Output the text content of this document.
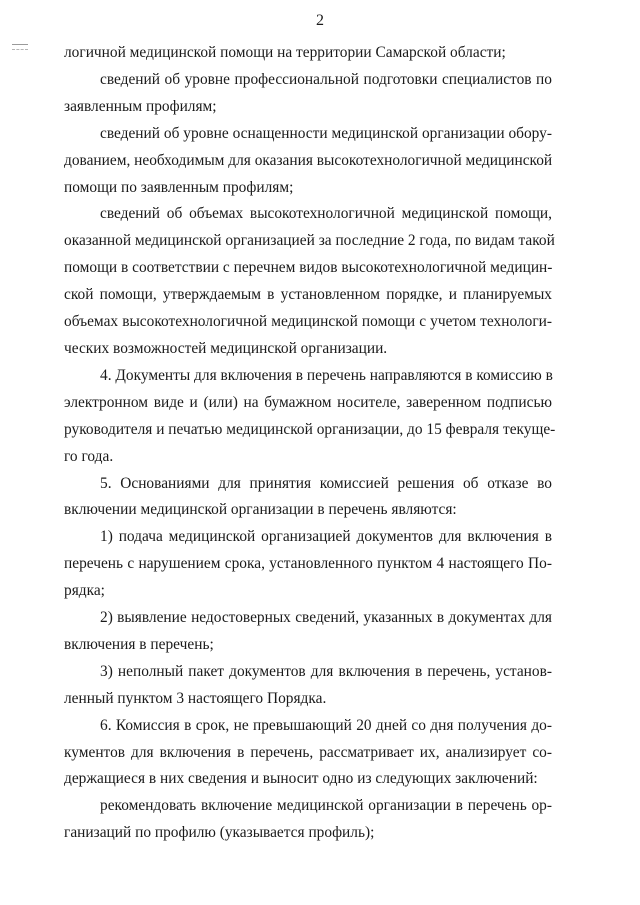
2

логичной медицинской помощи на территории Самарской области;

сведений об уровне профессиональной подготовки специалистов по
заявленным профилям;

сведений об уровне оснащенности медицинской организации обору-
дованием, необходимым для оказания высокотехнологичной медицинской
помощи по заявленным профилям;

сведений об объемах высокотехнологичной медицинской помощи,
оказанной медицинской организацией за последние 2 года, по видам такой
помощи в соответствии с перечнем видов высокотехнологичной медицин-
ской помощи, утверждаемым в установленном порядке, и планируемых
объемах высокотехнологичной медицинской помощи с учетом технологи-
ческих возможностей медицинской организации.

4. Документы для включения в перечень направляются в комиссию в
электронном виде и (или) на бумажном носителе, заверенном подписью
руководителя и печатью медицинской организации, до 15 февраля текуще-
го года.

5. Основаниями для принятия комиссией решения об отказе во
включении медицинской организации в перечень являются:

1) подача медицинской организацией документов для включения в
перечень с нарушением срока, установленного пунктом 4 настоящего По-
рядка;

2) выявление недостоверных сведений, указанных в документах для
включения в перечень;

3) неполный пакет документов для включения в перечень, установ-
ленный пунктом 3 настоящего Порядка.

6. Комиссия в срок, не превышающий 20 дней со дня получения до-
кументов для включения в перечень, рассматривает их, анализирует со-
держащиеся в них сведения и выносит одно из следующих заключений:

рекомендовать включение медицинской организации в перечень ор-
ганизаций по профилю (указывается профиль);
